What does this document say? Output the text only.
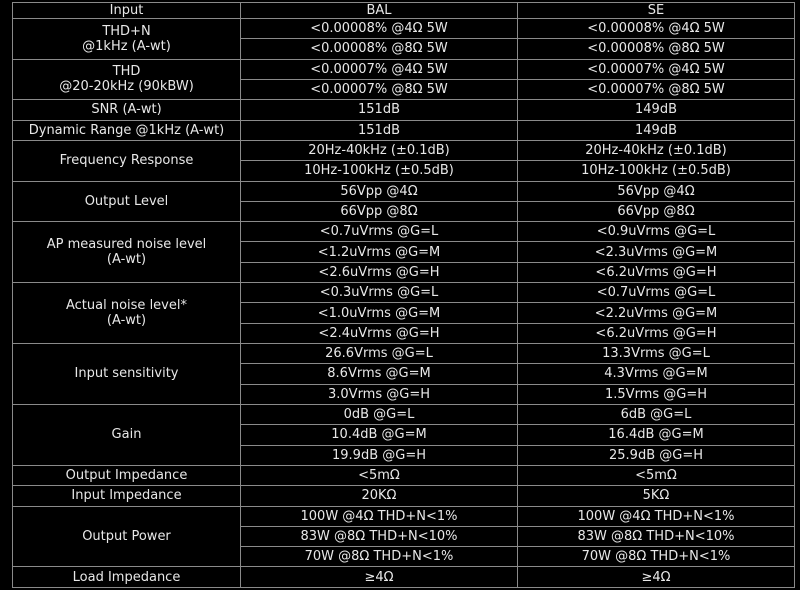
Input	BAL	SE

THD+N
@1kHz (A-wt)	<0.00008% @4Ω 5W	<0.00008% @4Ω 5W
	<0.00008% @8Ω 5W	<0.00008% @8Ω 5W

THD
@20-20kHz (90kBW)	<0.00007% @4Ω 5W	<0.00007% @4Ω 5W
	<0.00007% @8Ω 5W	<0.00007% @8Ω 5W

SNR (A-wt)	151dB	149dB

Dynamic Range @1kHz (A-wt)	151dB	149dB

Frequency Response	20Hz-40kHz (±0.1dB)	20Hz-40kHz (±0.1dB)
	10Hz-100kHz (±0.5dB)	10Hz-100kHz (±0.5dB)

Output Level	56Vpp @4Ω	56Vpp @4Ω
	66Vpp @8Ω	66Vpp @8Ω

AP measured noise level
(A-wt)	<0.7uVrms @G=L	<0.9uVrms @G=L
	<1.2uVrms @G=M	<2.3uVrms @G=M
	<2.6uVrms @G=H	<6.2uVrms @G=H

Actual noise level*
(A-wt)	<0.3uVrms @G=L	<0.7uVrms @G=L
	<1.0uVrms @G=M	<2.2uVrms @G=M
	<2.4uVrms @G=H	<6.2uVrms @G=H

Input sensitivity	26.6Vrms @G=L	13.3Vrms @G=L
	8.6Vrms @G=M	4.3Vrms @G=M
	3.0Vrms @G=H	1.5Vrms @G=H

Gain	0dB @G=L	6dB @G=L
	10.4dB @G=M	16.4dB @G=M
	19.9dB @G=H	25.9dB @G=H

Output Impedance	<5mΩ	<5mΩ

Input Impedance	20KΩ	5KΩ

Output Power	100W @4Ω THD+N<1%	100W @4Ω THD+N<1%
	83W @8Ω THD+N<10%	83W @8Ω THD+N<10%
	70W @8Ω THD+N<1%	70W @8Ω THD+N<1%

Load Impedance	≥4Ω	≥4Ω
